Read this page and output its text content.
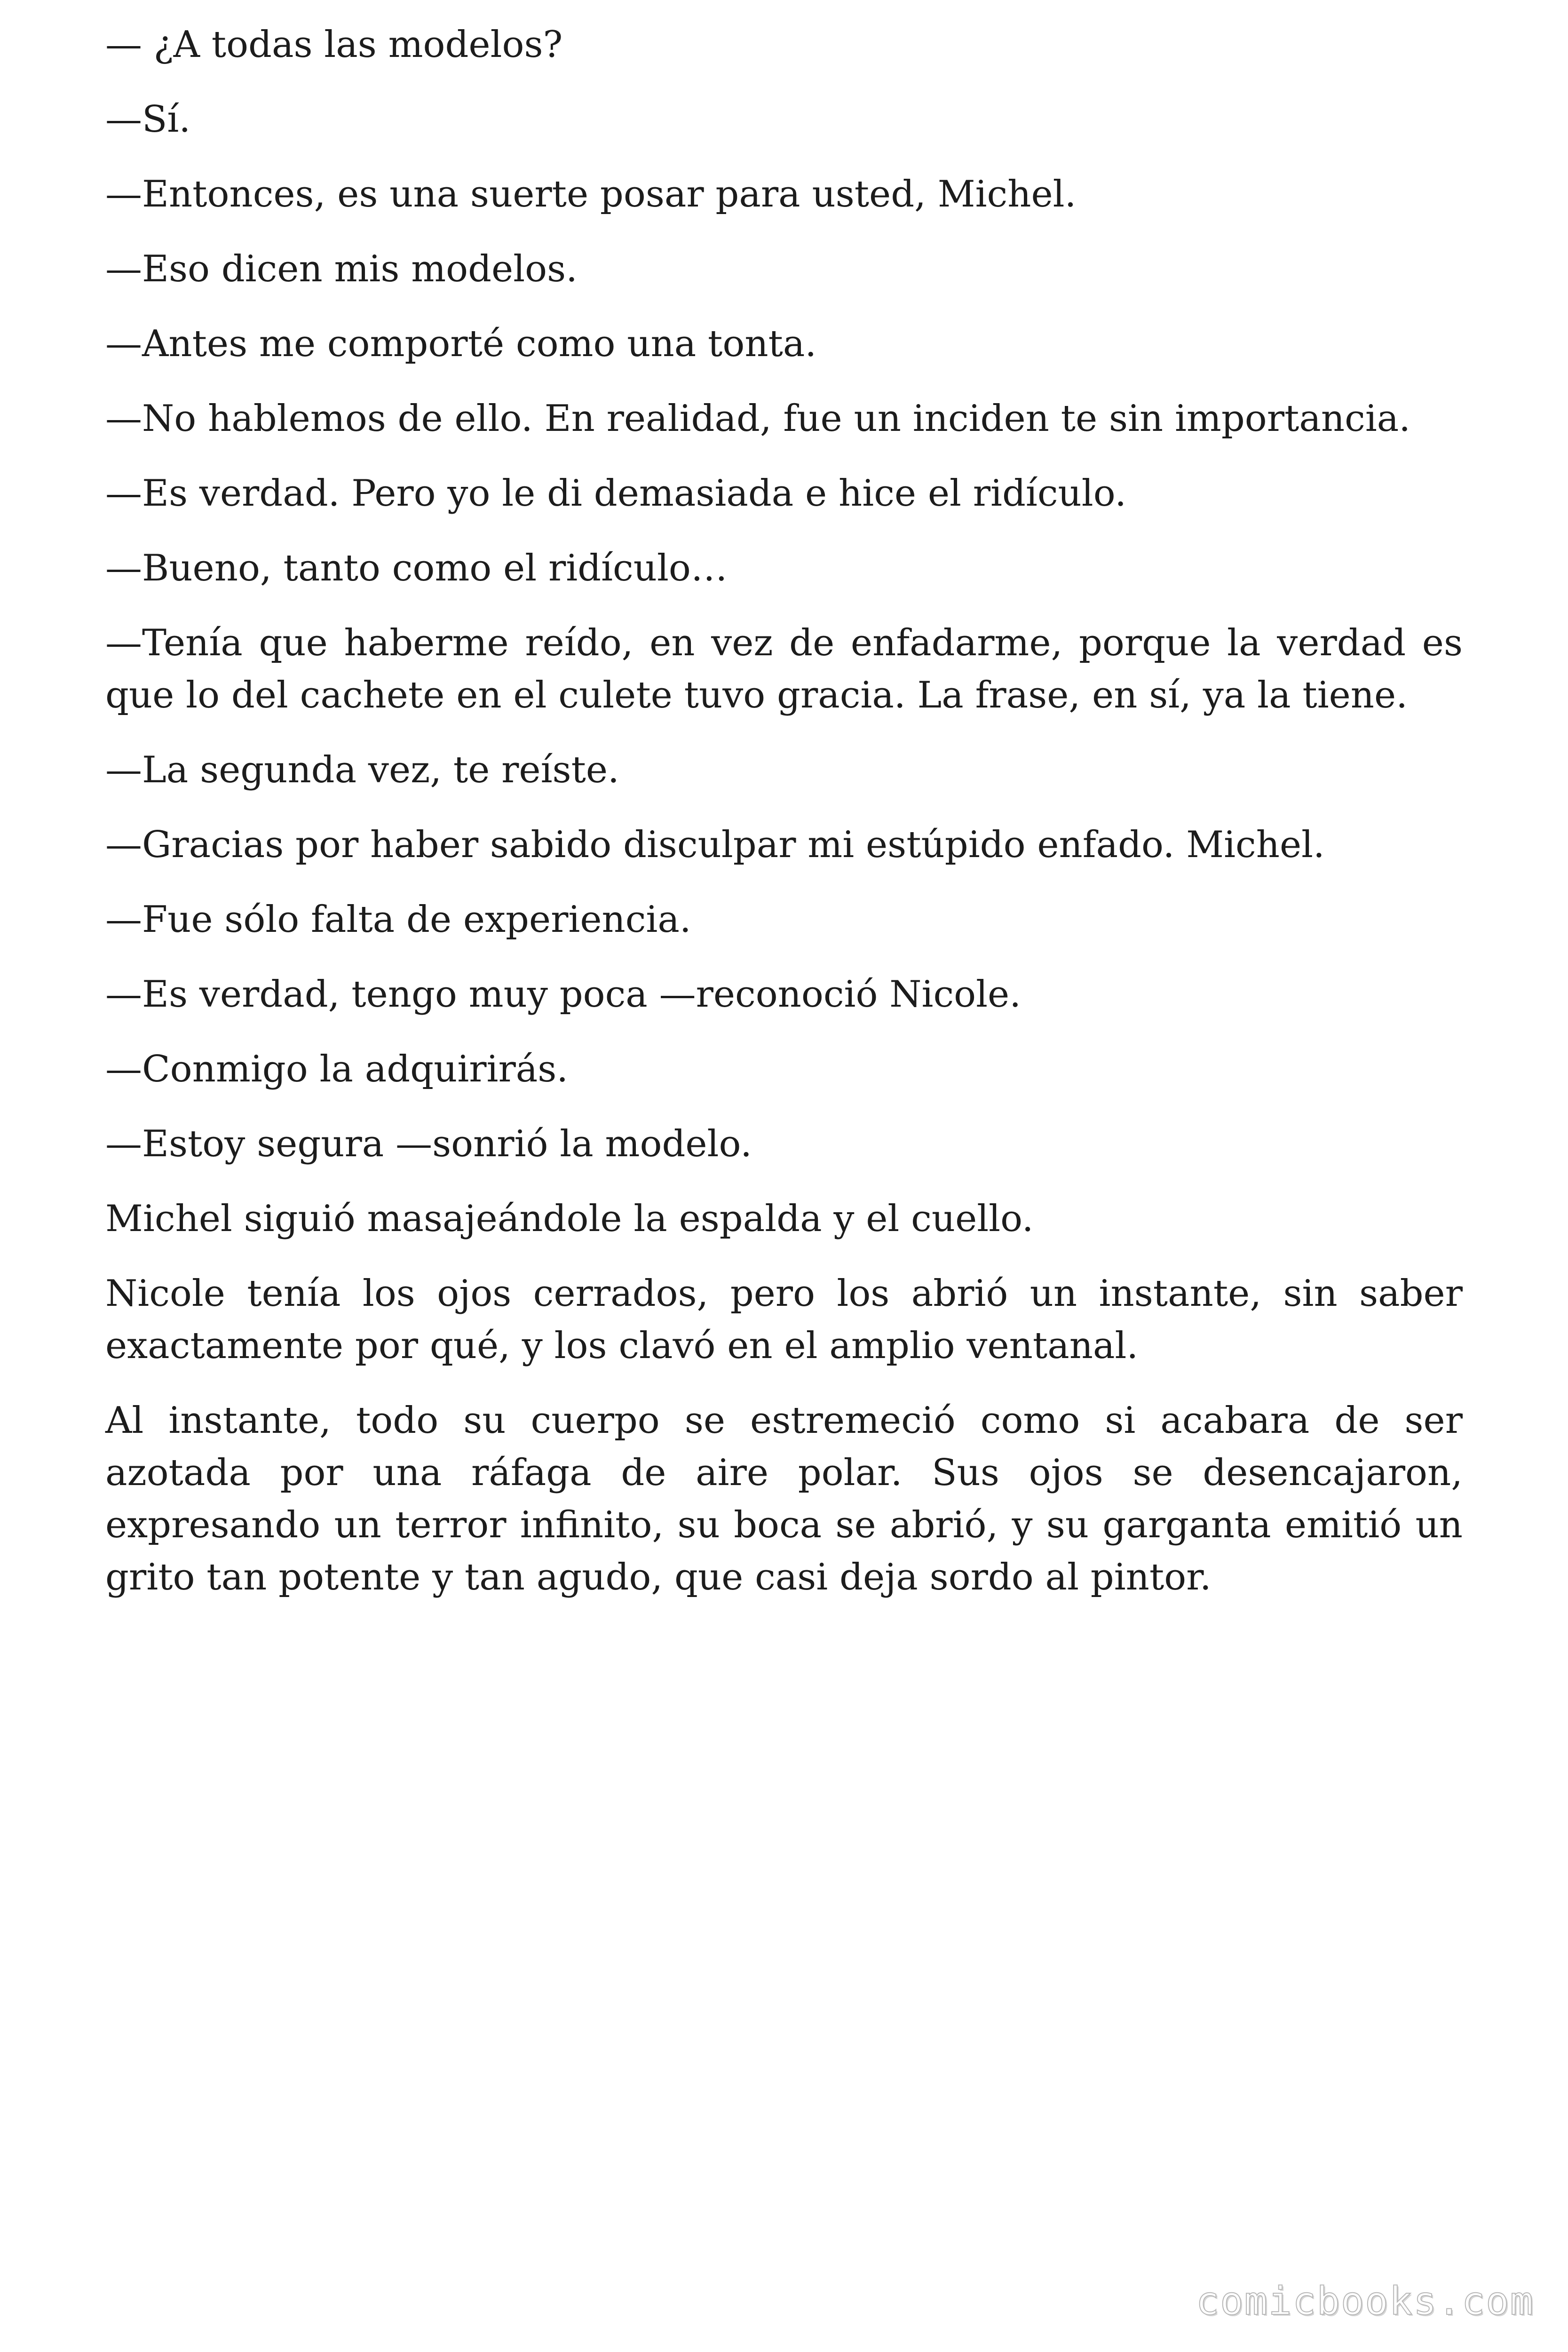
— ¿A todas las modelos?

—Sí.

—Entonces, es una suerte posar para usted, Michel.

—Eso dicen mis modelos.

—Antes me comporté como una tonta.

—No hablemos de ello. En realidad, fue un inciden te sin importancia.

—Es verdad. Pero yo le di demasiada e hice el ridículo.

—Bueno, tanto como el ridículo…

—Tenía que haberme reído, en vez de enfadarme, porque la verdad es que lo del cachete en el culete tuvo gracia. La frase, en sí, ya la tiene.

—La segunda vez, te reíste.

—Gracias por haber sabido disculpar mi estúpido enfado. Michel.

—Fue sólo falta de experiencia.

—Es verdad, tengo muy poca —reconoció Nicole.

—Conmigo la adquirirás.

—Estoy segura —sonrió la modelo.

Michel siguió masajeándole la espalda y el cuello.

Nicole tenía los ojos cerrados, pero los abrió un instante, sin saber exactamente por qué, y los clavó en el amplio ventanal.

Al instante, todo su cuerpo se estremeció como si acabara de ser azotada por una ráfaga de aire polar. Sus ojos se desencajaron, expresando un terror infinito, su boca se abrió, y su garganta emitió un grito tan potente y tan agudo, que casi deja sordo al pintor.

comicbooks.com
